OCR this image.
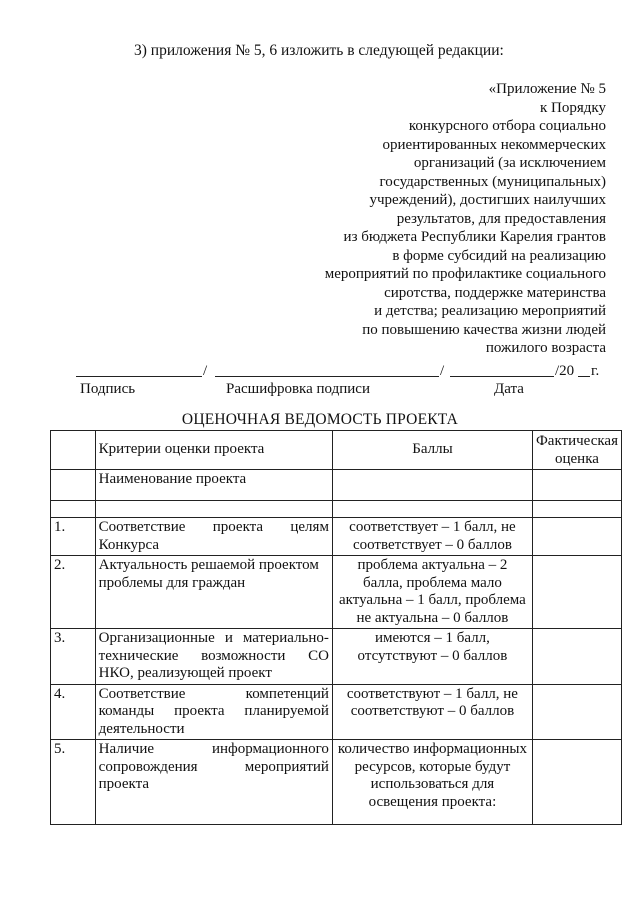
3) приложения № 5, 6 изложить в следующей редакции:
«Приложение № 5
к Порядку
конкурсного отбора социально
ориентированных некоммерческих
организаций (за исключением
государственных (муниципальных)
учреждений), достигших наилучших
результатов, для предоставления
из бюджета Республики Карелия грантов
в форме субсидий на реализацию
мероприятий по профилактике социального
сиротства, поддержке материнства
и детства; реализацию мероприятий
по повышению качества жизни людей
пожилого возраста
/	/	/20 г.
Подпись	Расшифровка подписи	Дата
ОЦЕНОЧНАЯ ВЕДОМОСТЬ ПРОЕКТА
	Критерии оценки проекта	Баллы	Фактическая оценка
	Наименование проекта		

1.	Соответствие проекта целям Конкурса	соответствует – 1 балл, не соответствует – 0 баллов	
2.	Актуальность решаемой проектом проблемы для граждан	проблема актуальна – 2 балла, проблема мало актуальна – 1 балл, проблема не актуальна – 0 баллов	
3.	Организационные и материально-технические возможности СО НКО, реализующей проект	имеются – 1 балл, отсутствуют – 0 баллов	
4.	Соответствие компетенций команды проекта планируемой деятельности	соответствуют – 1 балл, не соответствуют – 0 баллов	
5.	Наличие информационного сопровождения мероприятий проекта	количество информационных ресурсов, которые будут использоваться для освещения проекта:	
